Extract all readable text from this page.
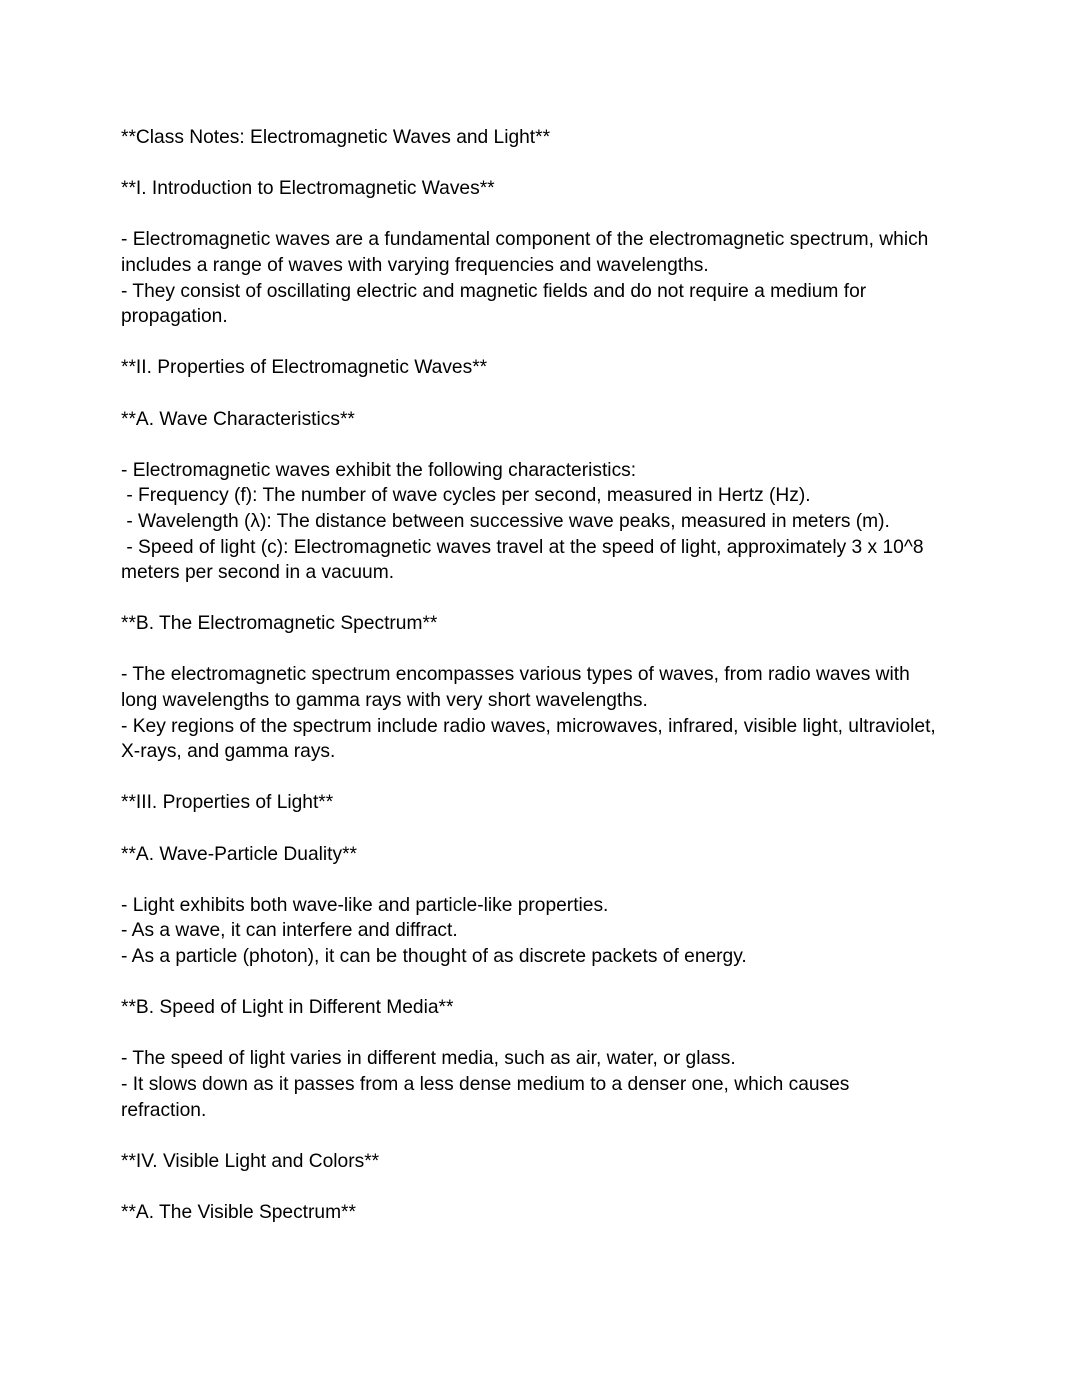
**Class Notes: Electromagnetic Waves and Light**
**I. Introduction to Electromagnetic Waves**
- Electromagnetic waves are a fundamental component of the electromagnetic spectrum, which
includes a range of waves with varying frequencies and wavelengths.
- They consist of oscillating electric and magnetic fields and do not require a medium for
propagation.
**II. Properties of Electromagnetic Waves**
**A. Wave Characteristics**
- Electromagnetic waves exhibit the following characteristics:
- Frequency (f): The number of wave cycles per second, measured in Hertz (Hz).
- Wavelength (λ): The distance between successive wave peaks, measured in meters (m).
- Speed of light (c): Electromagnetic waves travel at the speed of light, approximately 3 x 10^8
meters per second in a vacuum.
**B. The Electromagnetic Spectrum**
- The electromagnetic spectrum encompasses various types of waves, from radio waves with
long wavelengths to gamma rays with very short wavelengths.
- Key regions of the spectrum include radio waves, microwaves, infrared, visible light, ultraviolet,
X-rays, and gamma rays.
**III. Properties of Light**
**A. Wave-Particle Duality**
- Light exhibits both wave-like and particle-like properties.
- As a wave, it can interfere and diffract.
- As a particle (photon), it can be thought of as discrete packets of energy.
**B. Speed of Light in Different Media**
- The speed of light varies in different media, such as air, water, or glass.
- It slows down as it passes from a less dense medium to a denser one, which causes
refraction.
**IV. Visible Light and Colors**
**A. The Visible Spectrum**
